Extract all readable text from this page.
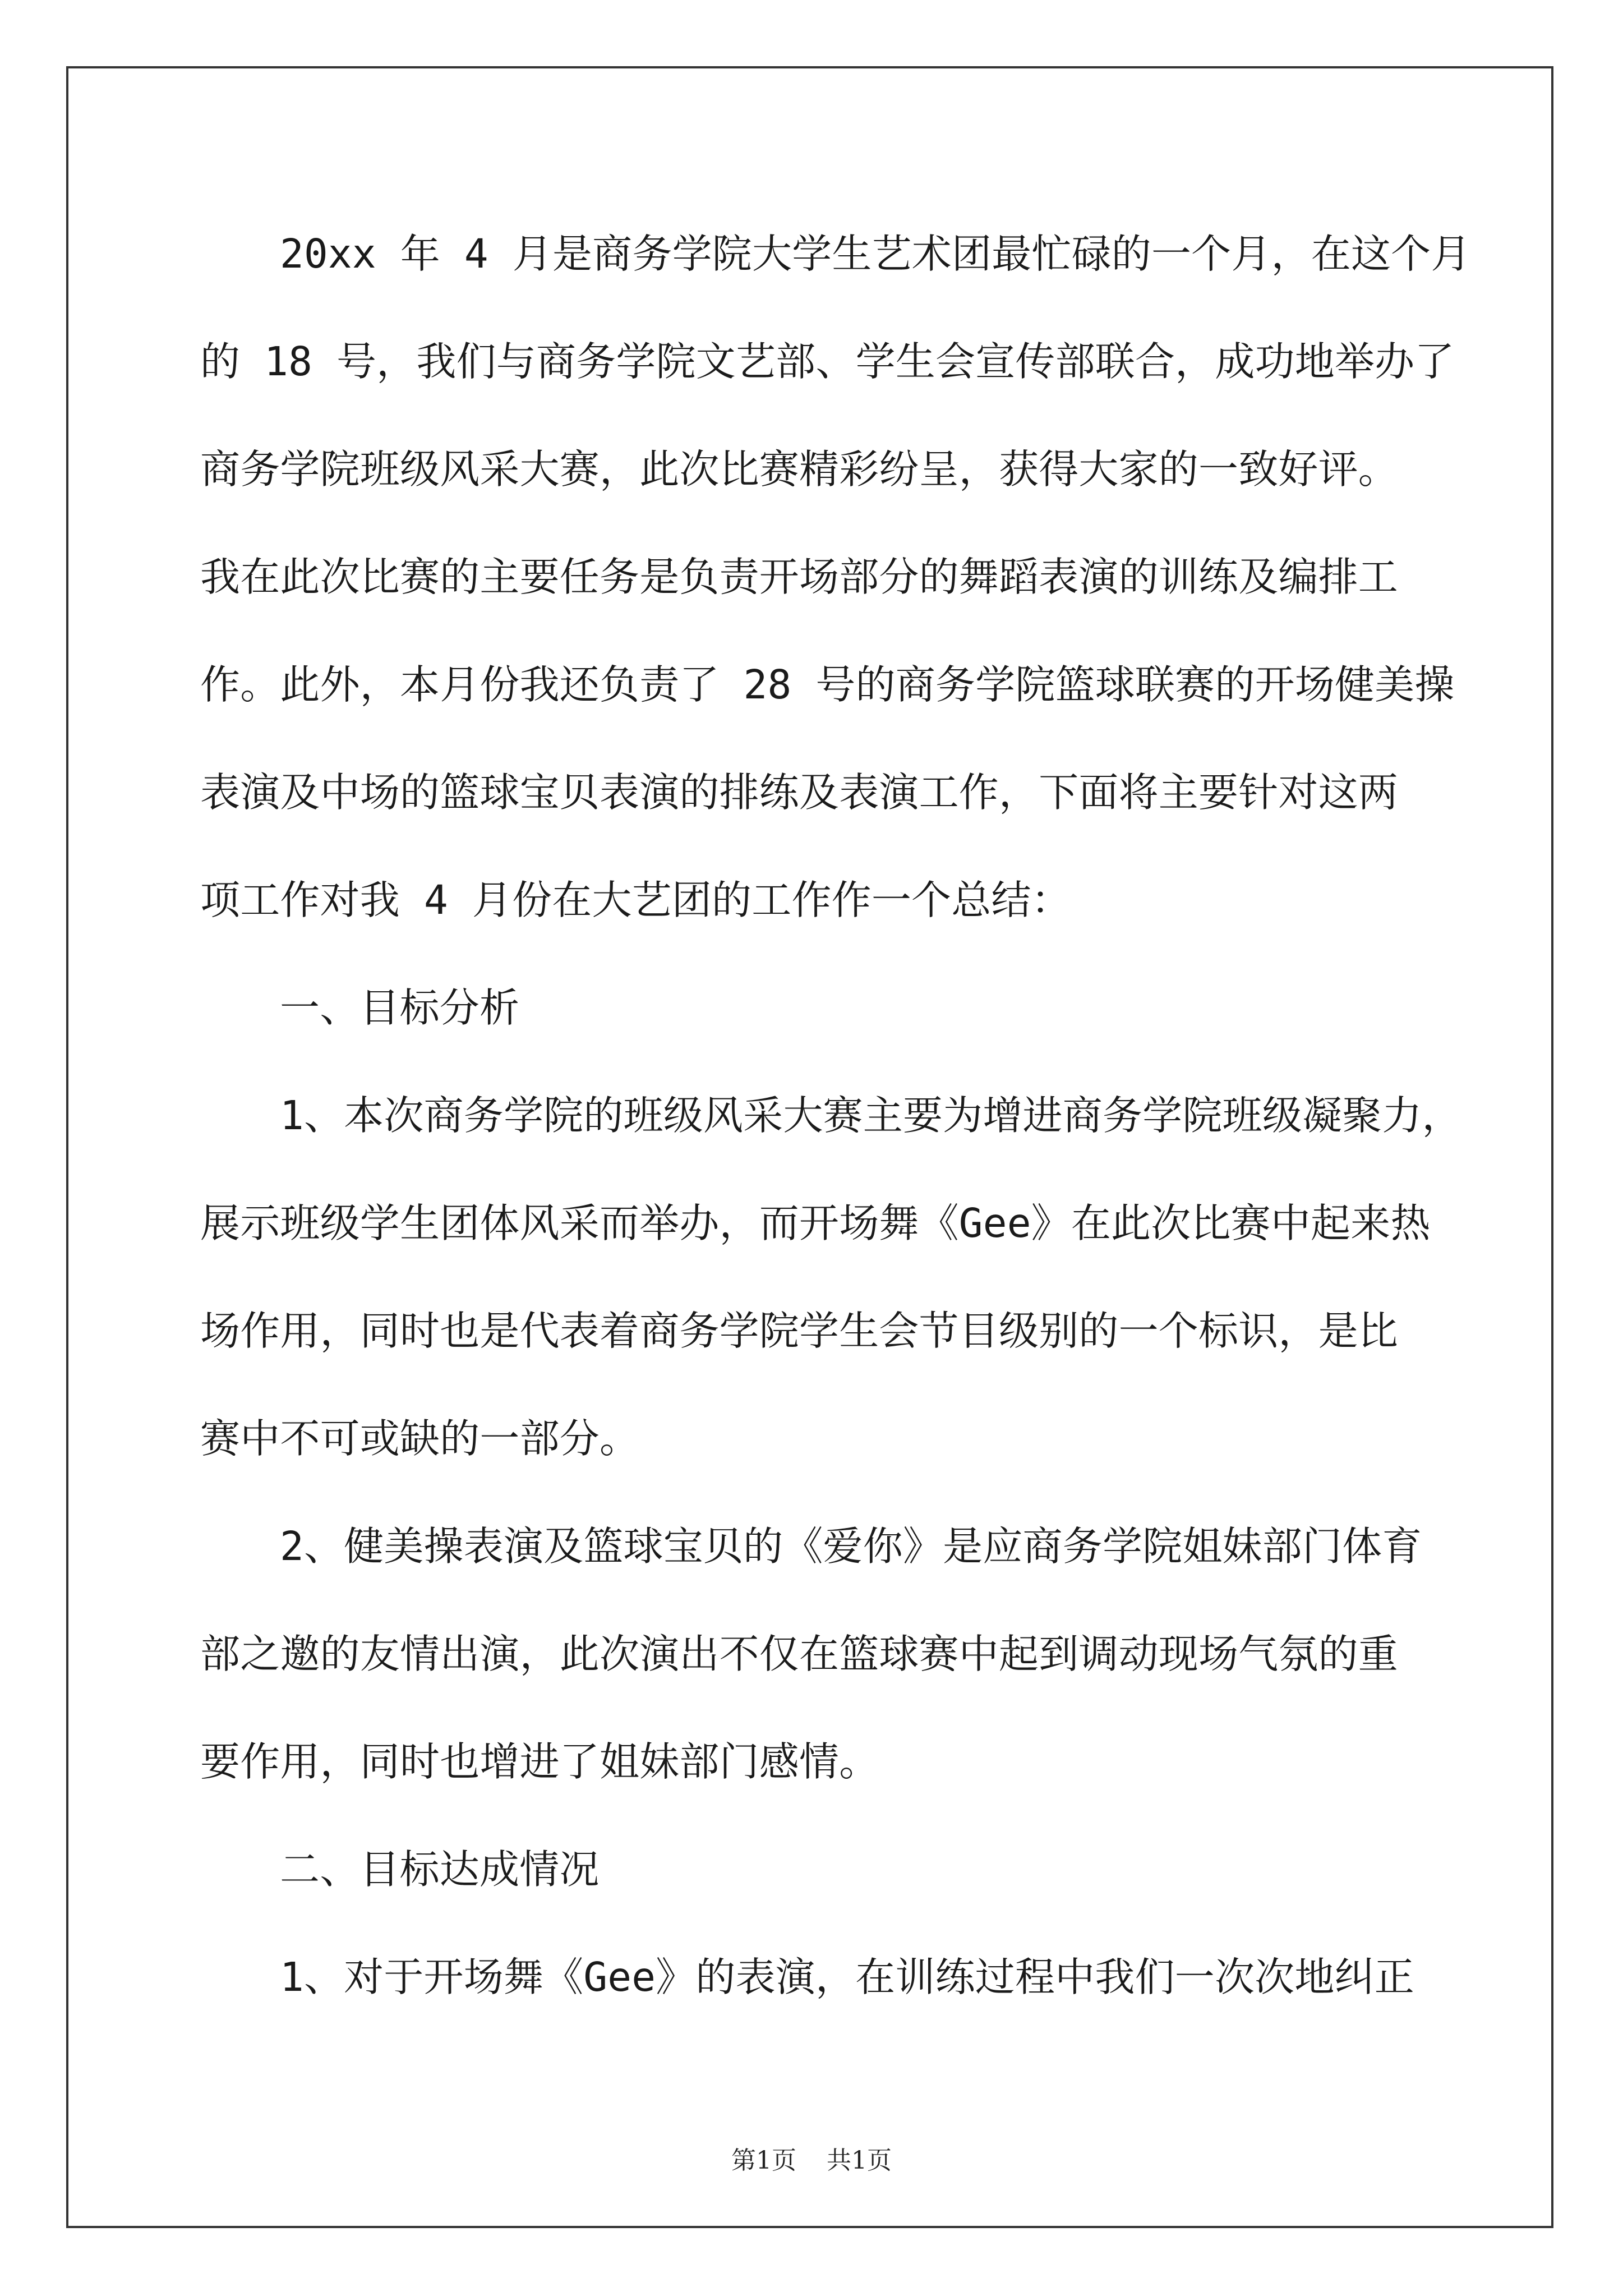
20xx 年 4 月是商务学院大学生艺术团最忙碌的一个月，在这个月
的 18 号，我们与商务学院文艺部、学生会宣传部联合，成功地举办了
商务学院班级风采大赛，此次比赛精彩纷呈，获得大家的一致好评。
我在此次比赛的主要任务是负责开场部分的舞蹈表演的训练及编排工
作。此外，本月份我还负责了 28 号的商务学院篮球联赛的开场健美操
表演及中场的篮球宝贝表演的排练及表演工作，下面将主要针对这两
项工作对我 4 月份在大艺团的工作作一个总结：
一、目标分析
1、本次商务学院的班级风采大赛主要为增进商务学院班级凝聚力，
展示班级学生团体风采而举办，而开场舞《Gee》在此次比赛中起来热
场作用，同时也是代表着商务学院学生会节目级别的一个标识，是比
赛中不可或缺的一部分。
2、健美操表演及篮球宝贝的《爱你》是应商务学院姐妹部门体育
部之邀的友情出演，此次演出不仅在篮球赛中起到调动现场气氛的重
要作用，同时也增进了姐妹部门感情。
二、目标达成情况
1、对于开场舞《Gee》的表演，在训练过程中我们一次次地纠正
第1页 共1页
